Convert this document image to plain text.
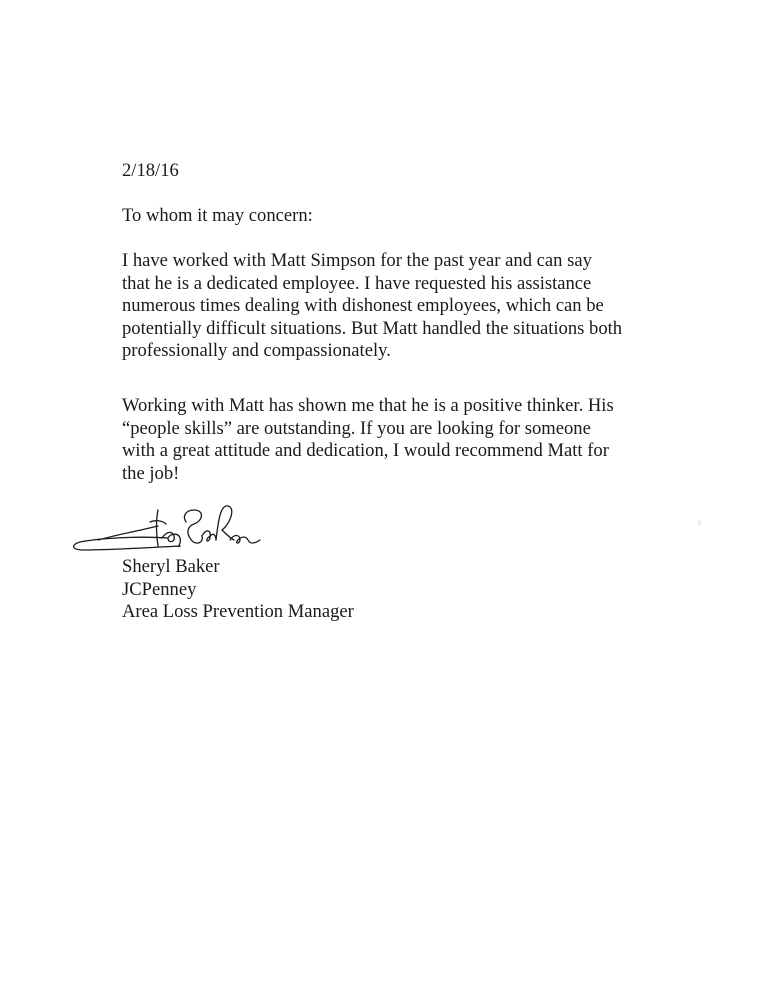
2/18/16
To whom it may concern:
I have worked with Matt Simpson for the past year and can say
that he is a dedicated employee. I have requested his assistance
numerous times dealing with dishonest employees, which can be
potentially difficult situations. But Matt handled the situations both
professionally and compassionately.
Working with Matt has shown me that he is a positive thinker. His
“people skills” are outstanding. If you are looking for someone
with a great attitude and dedication, I would recommend Matt for
the job!
Sheryl Baker
JCPenney
Area Loss Prevention Manager
